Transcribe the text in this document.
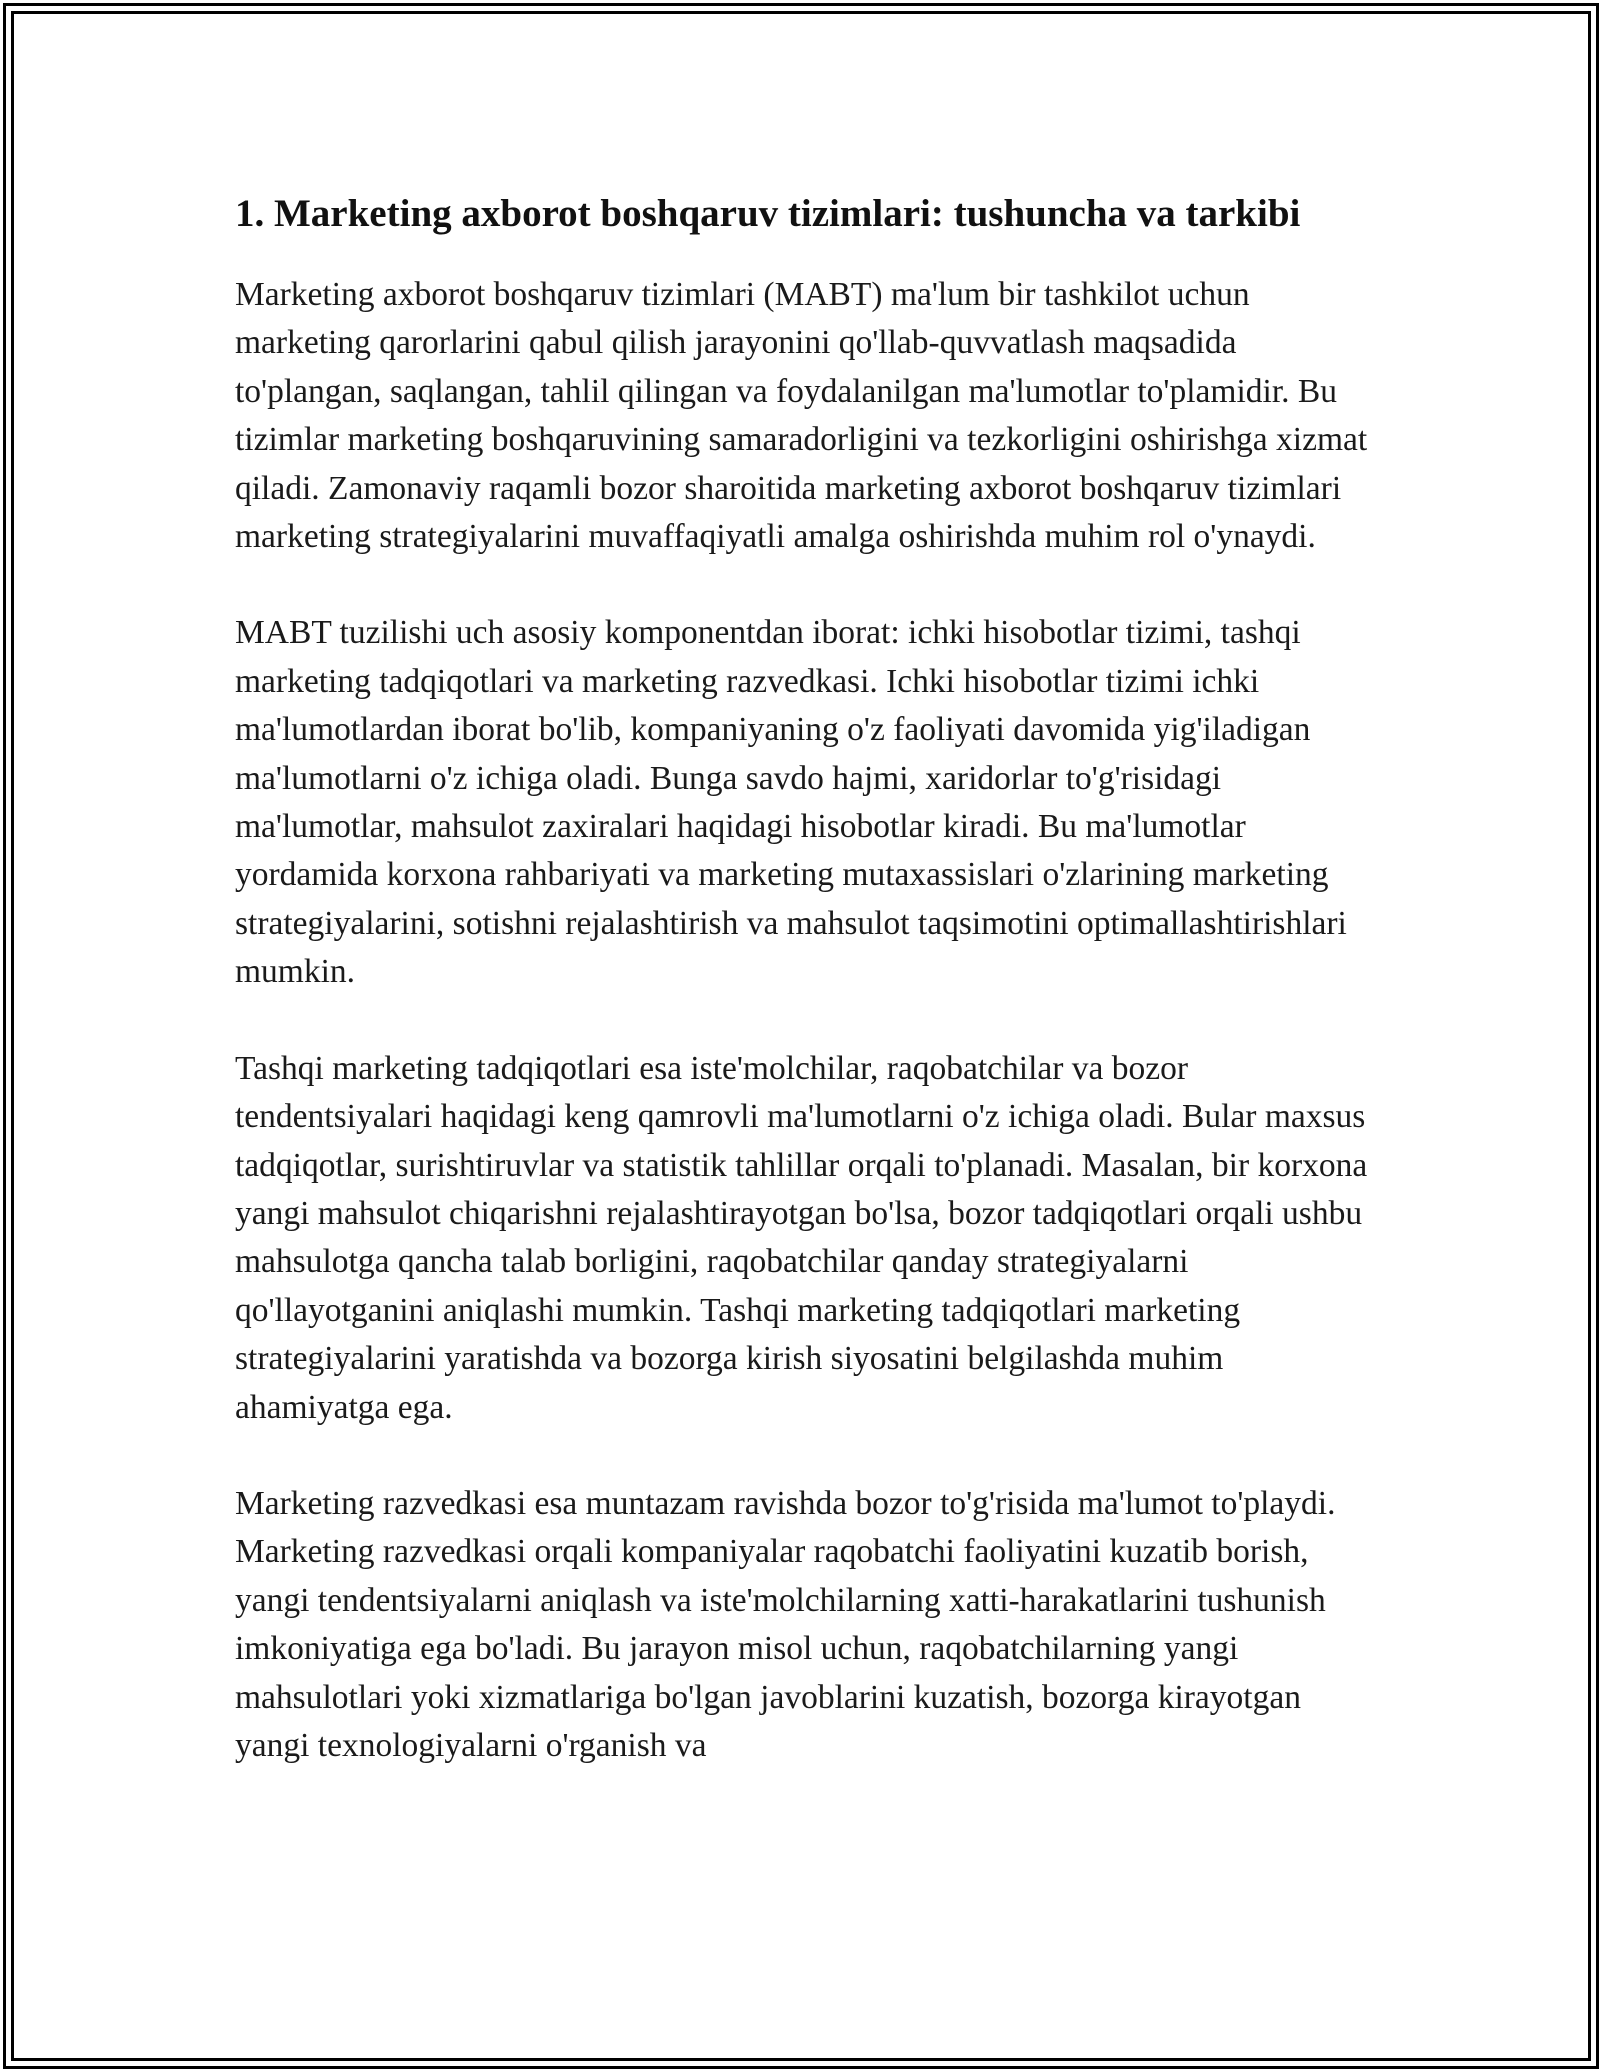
1. Marketing axborot boshqaruv tizimlari: tushuncha va tarkibi

Marketing axborot boshqaruv tizimlari (MABT) ma'lum bir tashkilot uchun marketing qarorlarini qabul qilish jarayonini qo'llab-quvvatlash maqsadida to'plangan, saqlangan, tahlil qilingan va foydalanilgan ma'lumotlar to'plamidir. Bu tizimlar marketing boshqaruvining samaradorligini va tezkorligini oshirishga xizmat qiladi. Zamonaviy raqamli bozor sharoitida marketing axborot boshqaruv tizimlari marketing strategiyalarini muvaffaqiyatli amalga oshirishda muhim rol o'ynaydi.

MABT tuzilishi uch asosiy komponentdan iborat: ichki hisobotlar tizimi, tashqi marketing tadqiqotlari va marketing razvedkasi. Ichki hisobotlar tizimi ichki ma'lumotlardan iborat bo'lib, kompaniyaning o'z faoliyati davomida yig'iladigan ma'lumotlarni o'z ichiga oladi. Bunga savdo hajmi, xaridorlar to'g'risidagi ma'lumotlar, mahsulot zaxiralari haqidagi hisobotlar kiradi. Bu ma'lumotlar yordamida korxona rahbariyati va marketing mutaxassislari o'zlarining marketing strategiyalarini, sotishni rejalashtirish va mahsulot taqsimotini optimallashtirishlari mumkin.

Tashqi marketing tadqiqotlari esa iste'molchilar, raqobatchilar va bozor tendentsiyalari haqidagi keng qamrovli ma'lumotlarni o'z ichiga oladi. Bular maxsus tadqiqotlar, surishtiruvlar va statistik tahlillar orqali to'planadi. Masalan, bir korxona yangi mahsulot chiqarishni rejalashtirayotgan bo'lsa, bozor tadqiqotlari orqali ushbu mahsulotga qancha talab borligini, raqobatchilar qanday strategiyalarni qo'llayotganini aniqlashi mumkin. Tashqi marketing tadqiqotlari marketing strategiyalarini yaratishda va bozorga kirish siyosatini belgilashda muhim ahamiyatga ega.

Marketing razvedkasi esa muntazam ravishda bozor to'g'risida ma'lumot to'playdi. Marketing razvedkasi orqali kompaniyalar raqobatchi faoliyatini kuzatib borish, yangi tendentsiyalarni aniqlash va iste'molchilarning xatti-harakatlarini tushunish imkoniyatiga ega bo'ladi. Bu jarayon misol uchun, raqobatchilarning yangi mahsulotlari yoki xizmatlariga bo'lgan javoblarini kuzatish, bozorga kirayotgan yangi texnologiyalarni o'rganish va
